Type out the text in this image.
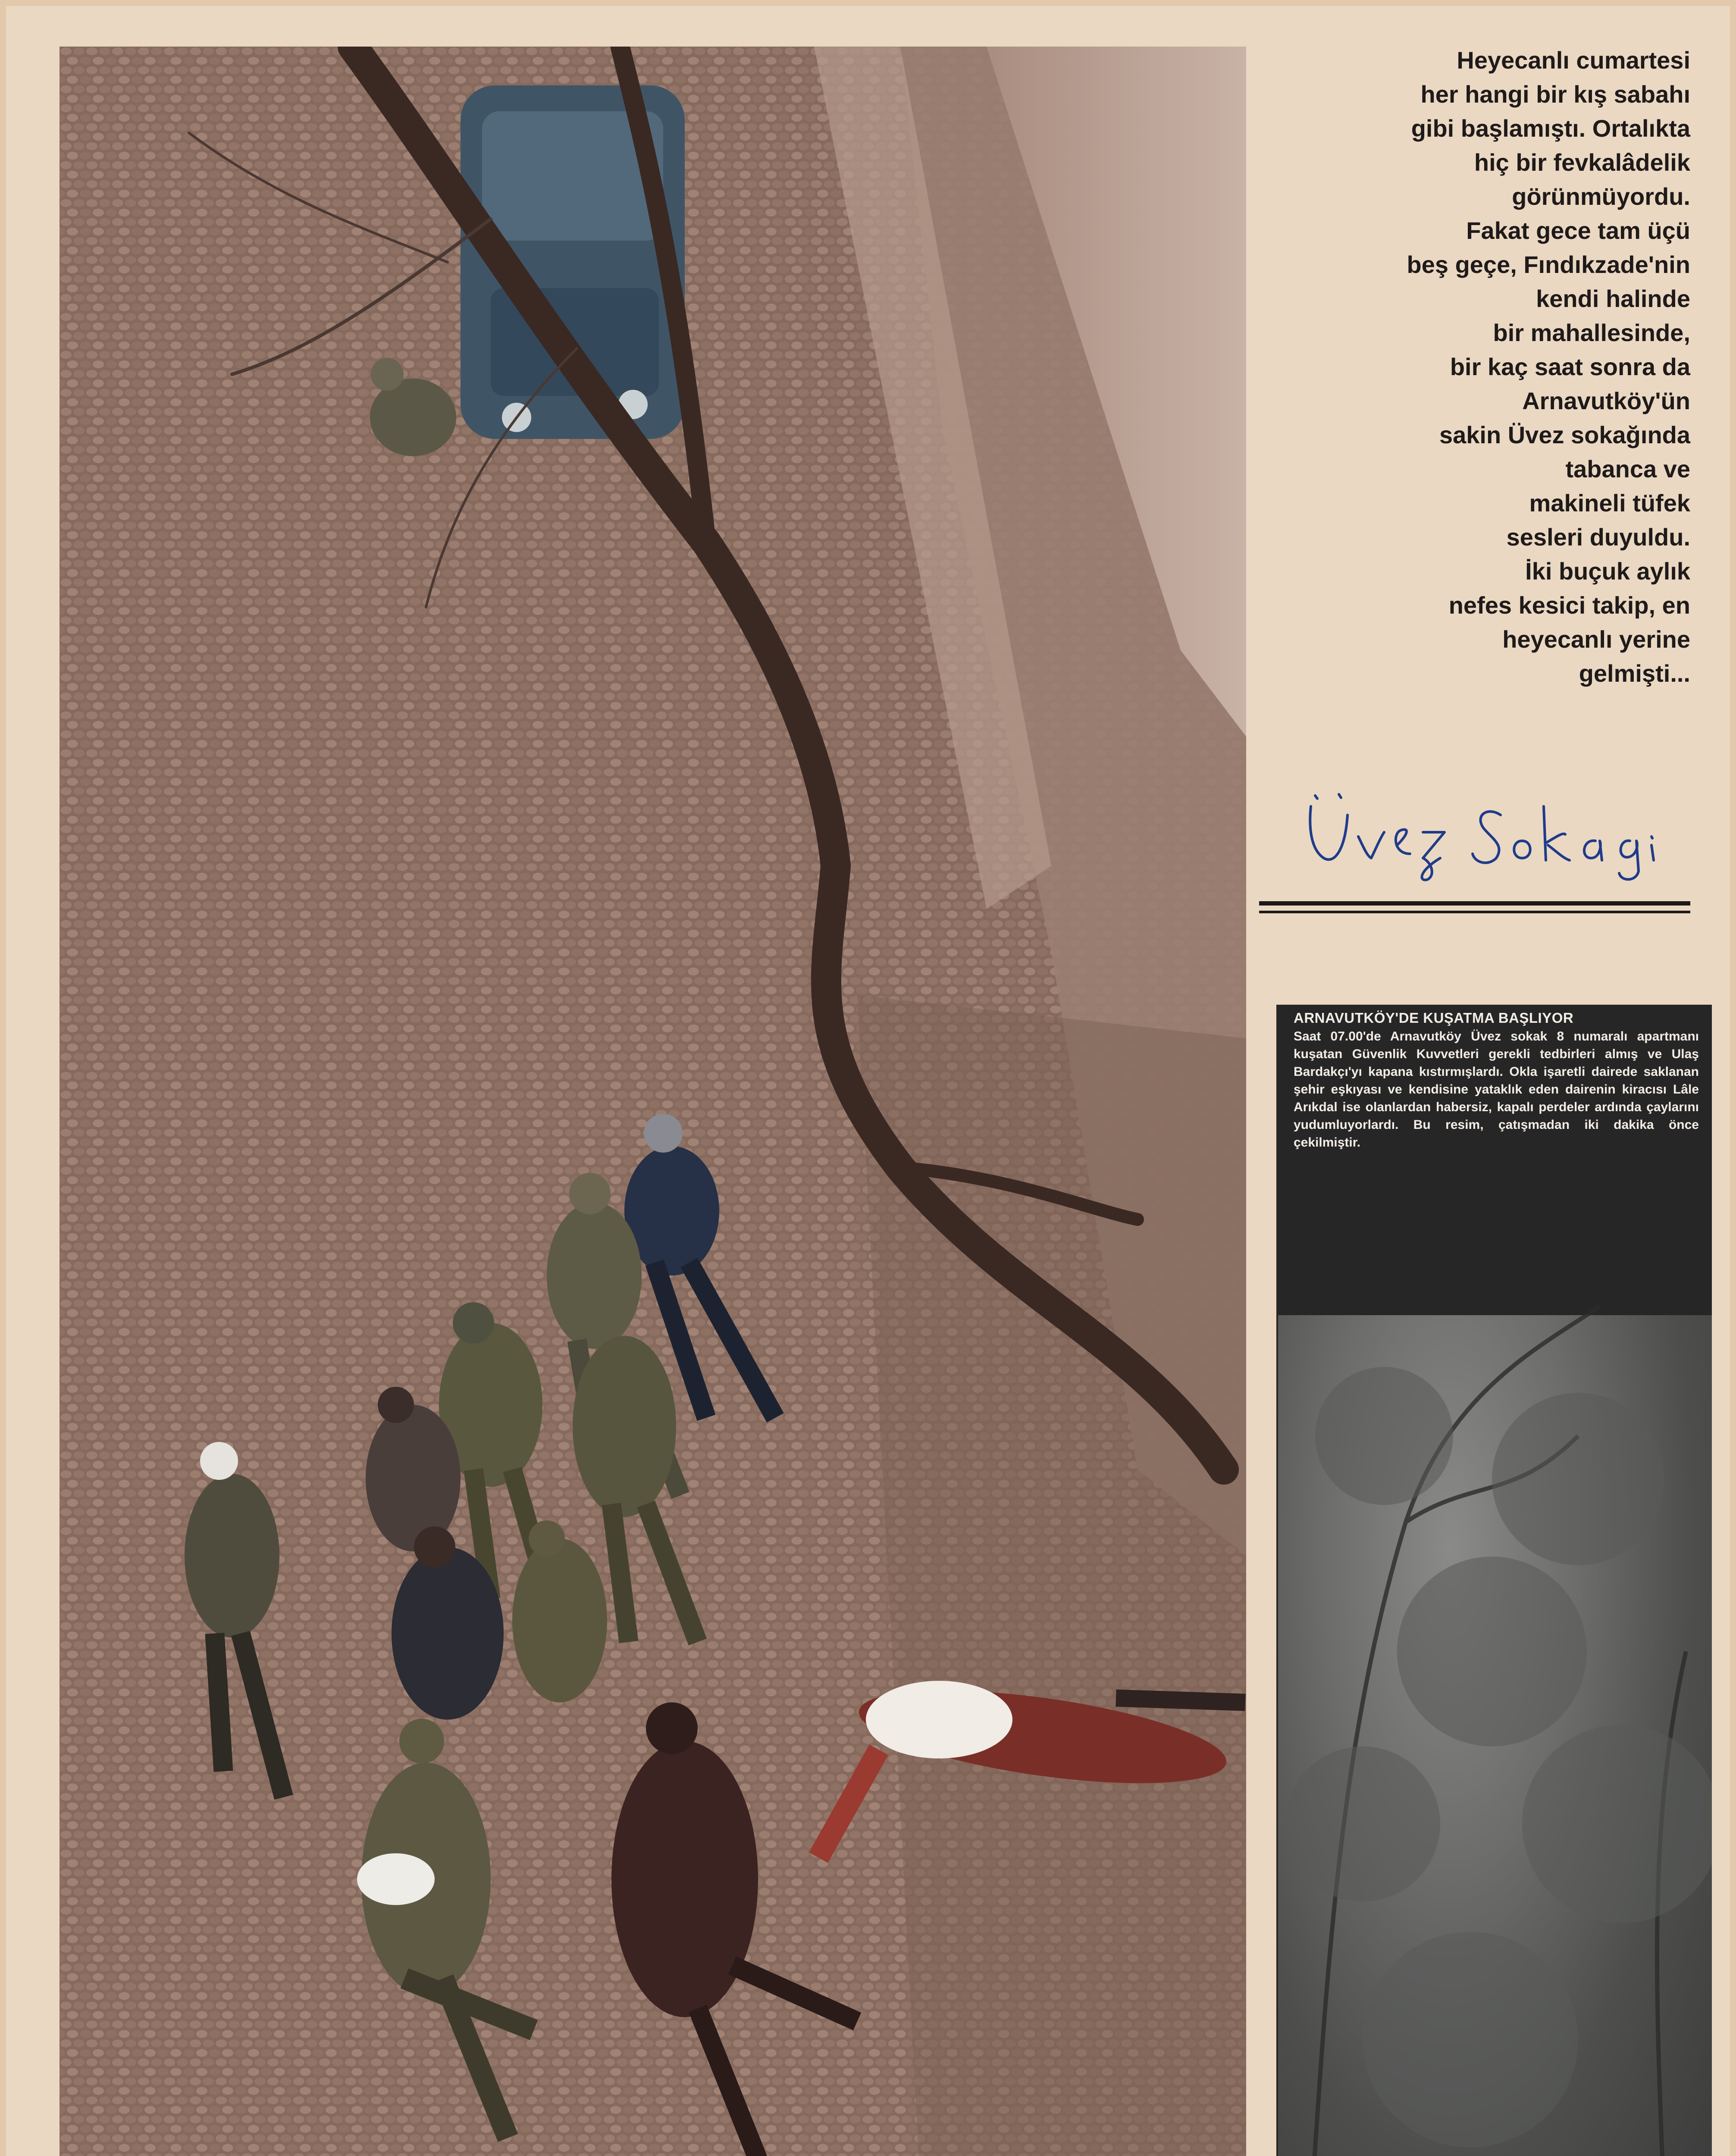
Heyecanlı cumartesi
her hangi bir kış sabahı
gibi başlamıştı. Ortalıkta
hiç bir fevkalâdelik
görünmüyordu.
Fakat gece tam üçü
beş geçe, Fındıkzade'nin
kendi halinde
bir mahallesinde,
bir kaç saat sonra da
Arnavutköy'ün
sakin Üvez sokağında
tabanca ve
makineli tüfek
sesleri duyuldu.
İki buçuk aylık
nefes kesici takip, en
heyecanlı yerine
gelmişti...
ARNAVUTKÖY'DE KUŞATMA BAŞLIYOR
Saat 07.00'de Arnavutköy Üvez sokak 8 numaralı apartmanı kuşatan Güvenlik Kuvvetleri gerekli tedbirleri almış ve Ulaş Bardakçı'yı kapana kıstırmışlardı. Okla işaretli dairede saklanan şehir eşkıyası ve kendisine yataklık eden dairenin kiracısı Lâle Arıkdal ise olanlardan habersiz, kapalı perdeler ardında çaylarını yudumluyorlardı. Bu resim, çatışmadan iki dakika önce çekilmiştir.
